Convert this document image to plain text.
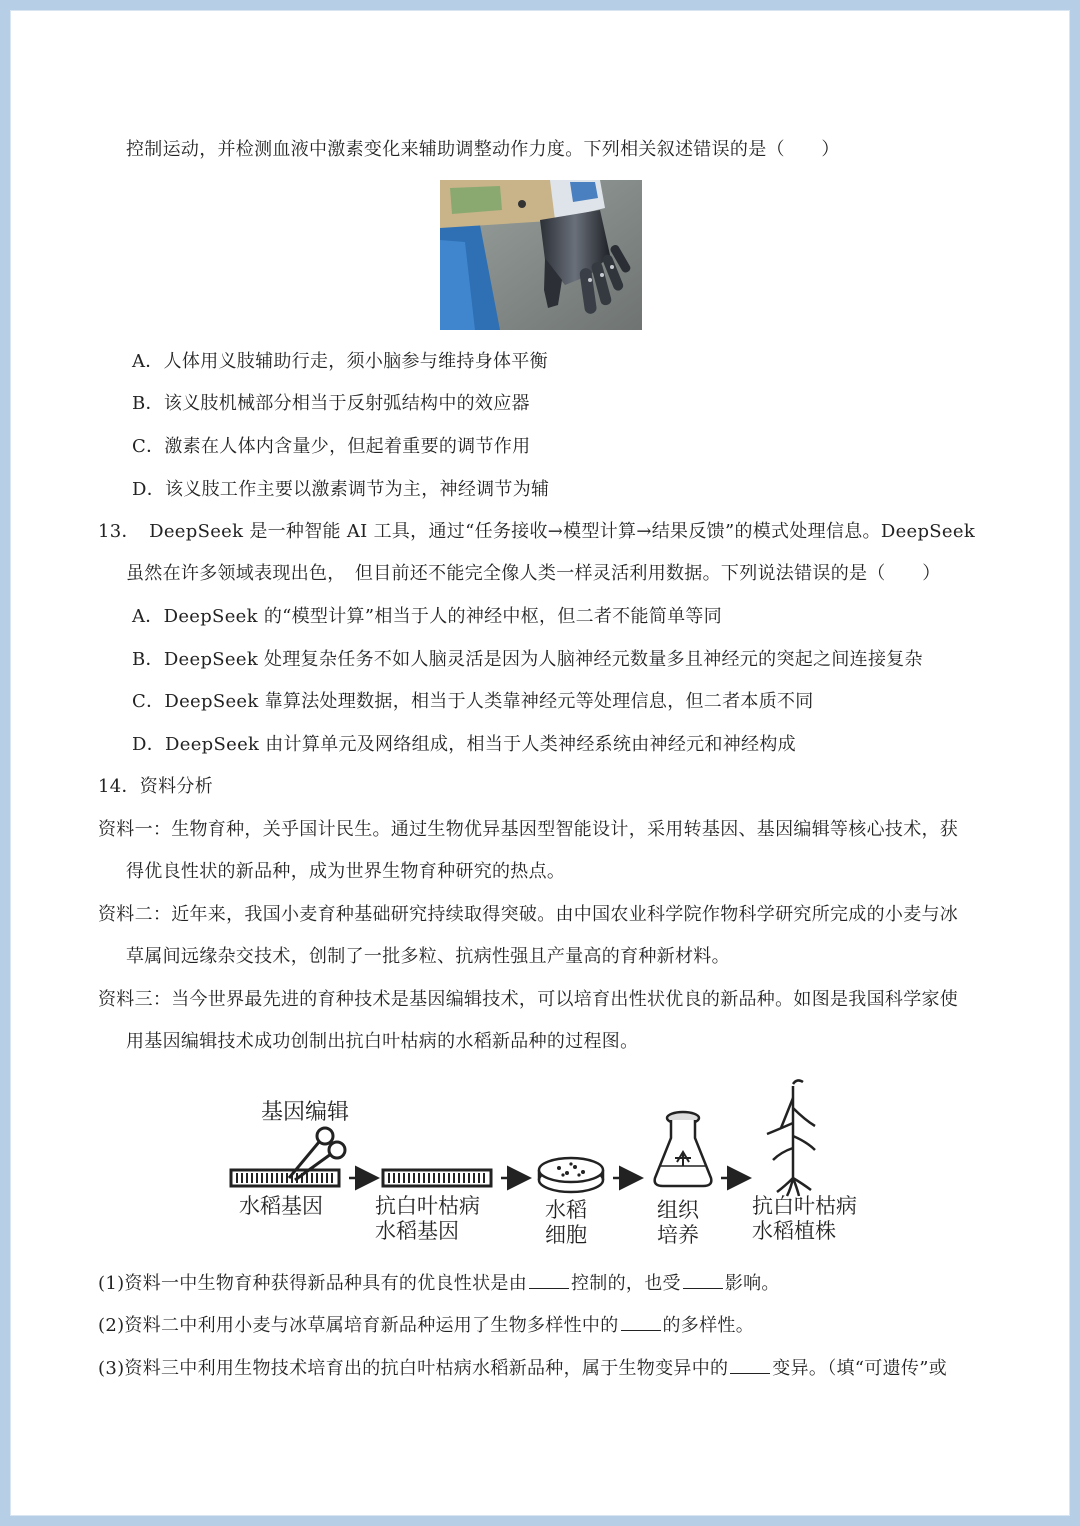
控制运动，并检测血液中激素变化来辅助调整动作力度。下列相关叙述错误的是（　　）
A．人体用义肢辅助行走，须小脑参与维持身体平衡
B．该义肢机械部分相当于反射弧结构中的效应器
C．激素在人体内含量少，但起着重要的调节作用
D．该义肢工作主要以激素调节为主，神经调节为辅
13．　DeepSeek 是一种智能 AI 工具，通过“任务接收→模型计算→结果反馈”的模式处理信息。DeepSeek
虽然在许多领域表现出色，　但目前还不能完全像人类一样灵活利用数据。下列说法错误的是（　　）
A．DeepSeek 的“模型计算”相当于人的神经中枢，但二者不能简单等同
B．DeepSeek 处理复杂任务不如人脑灵活是因为人脑神经元数量多且神经元的突起之间连接复杂
C．DeepSeek 靠算法处理数据，相当于人类靠神经元等处理信息，但二者本质不同
D．DeepSeek 由计算单元及网络组成，相当于人类神经系统由神经元和神经构成
14．资料分析
资料一：生物育种，关乎国计民生。通过生物优异基因型智能设计，采用转基因、基因编辑等核心技术，获
得优良性状的新品种，成为世界生物育种研究的热点。
资料二：近年来，我国小麦育种基础研究持续取得突破。由中国农业科学院作物科学研究所完成的小麦与冰
草属间远缘杂交技术，创制了一批多粒、抗病性强且产量高的育种新材料。
资料三：当今世界最先进的育种技术是基因编辑技术，可以培育出性状优良的新品种。如图是我国科学家使
用基因编辑技术成功创制出抗白叶枯病的水稻新品种的过程图。
基因编辑
水稻基因 抗白叶枯病
水稻基因
水稻
细胞
组织
培养
抗白叶枯病
水稻植株
(1)资料一中生物育种获得新品种具有的优良性状是由 控制的，也受 影响。
(2)资料二中利用小麦与冰草属培育新品种运用了生物多样性中的 的多样性。
(3)资料三中利用生物技术培育出的抗白叶枯病水稻新品种，属于生物变异中的 变异。（填“可遗传”或
